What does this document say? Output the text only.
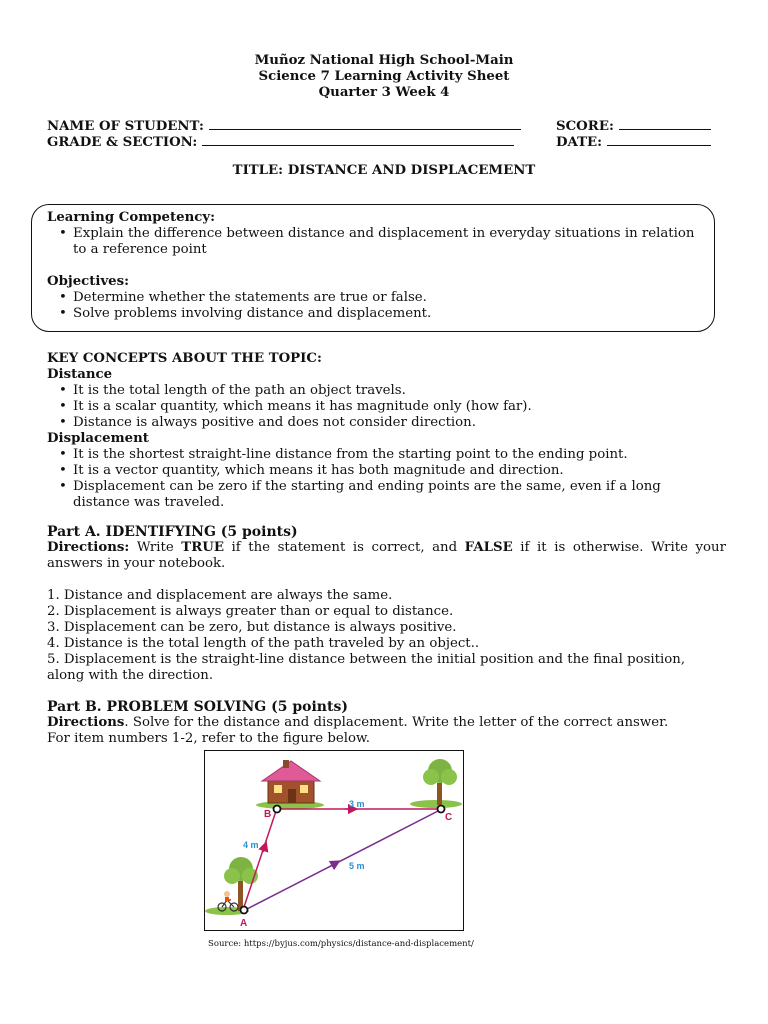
Muñoz National High School-Main
Science 7 Learning Activity Sheet
Quarter 3 Week 4
NAME OF STUDENT:	SCORE:
GRADE & SECTION:	DATE:
TITLE: DISTANCE AND DISPLACEMENT
Learning Competency:
• Explain the difference between distance and displacement in everyday situations in relation to a reference point
Objectives:
• Determine whether the statements are true or false.
• Solve problems involving distance and displacement.
KEY CONCEPTS ABOUT THE TOPIC:
Distance
• It is the total length of the path an object travels.
• It is a scalar quantity, which means it has magnitude only (how far).
• Distance is always positive and does not consider direction.
Displacement
• It is the shortest straight-line distance from the starting point to the ending point.
• It is a vector quantity, which means it has both magnitude and direction.
• Displacement can be zero if the starting and ending points are the same, even if a long distance was traveled.
Part A. IDENTIFYING (5 points)
Directions: Write TRUE if the statement is correct, and FALSE if it is otherwise. Write your answers in your notebook.
1. Distance and displacement are always the same.
2. Displacement is always greater than or equal to distance.
3. Displacement can be zero, but distance is always positive.
4. Distance is the total length of the path traveled by an object..
5. Displacement is the straight-line distance between the initial position and the final position, along with the direction.
Part B. PROBLEM SOLVING (5 points)
Directions. Solve for the distance and displacement. Write the letter of the correct answer.
For item numbers 1-2, refer to the figure below.
B	C
A
3 m
4 m
5 m
Source: https://byjus.com/physics/distance-and-displacement/
